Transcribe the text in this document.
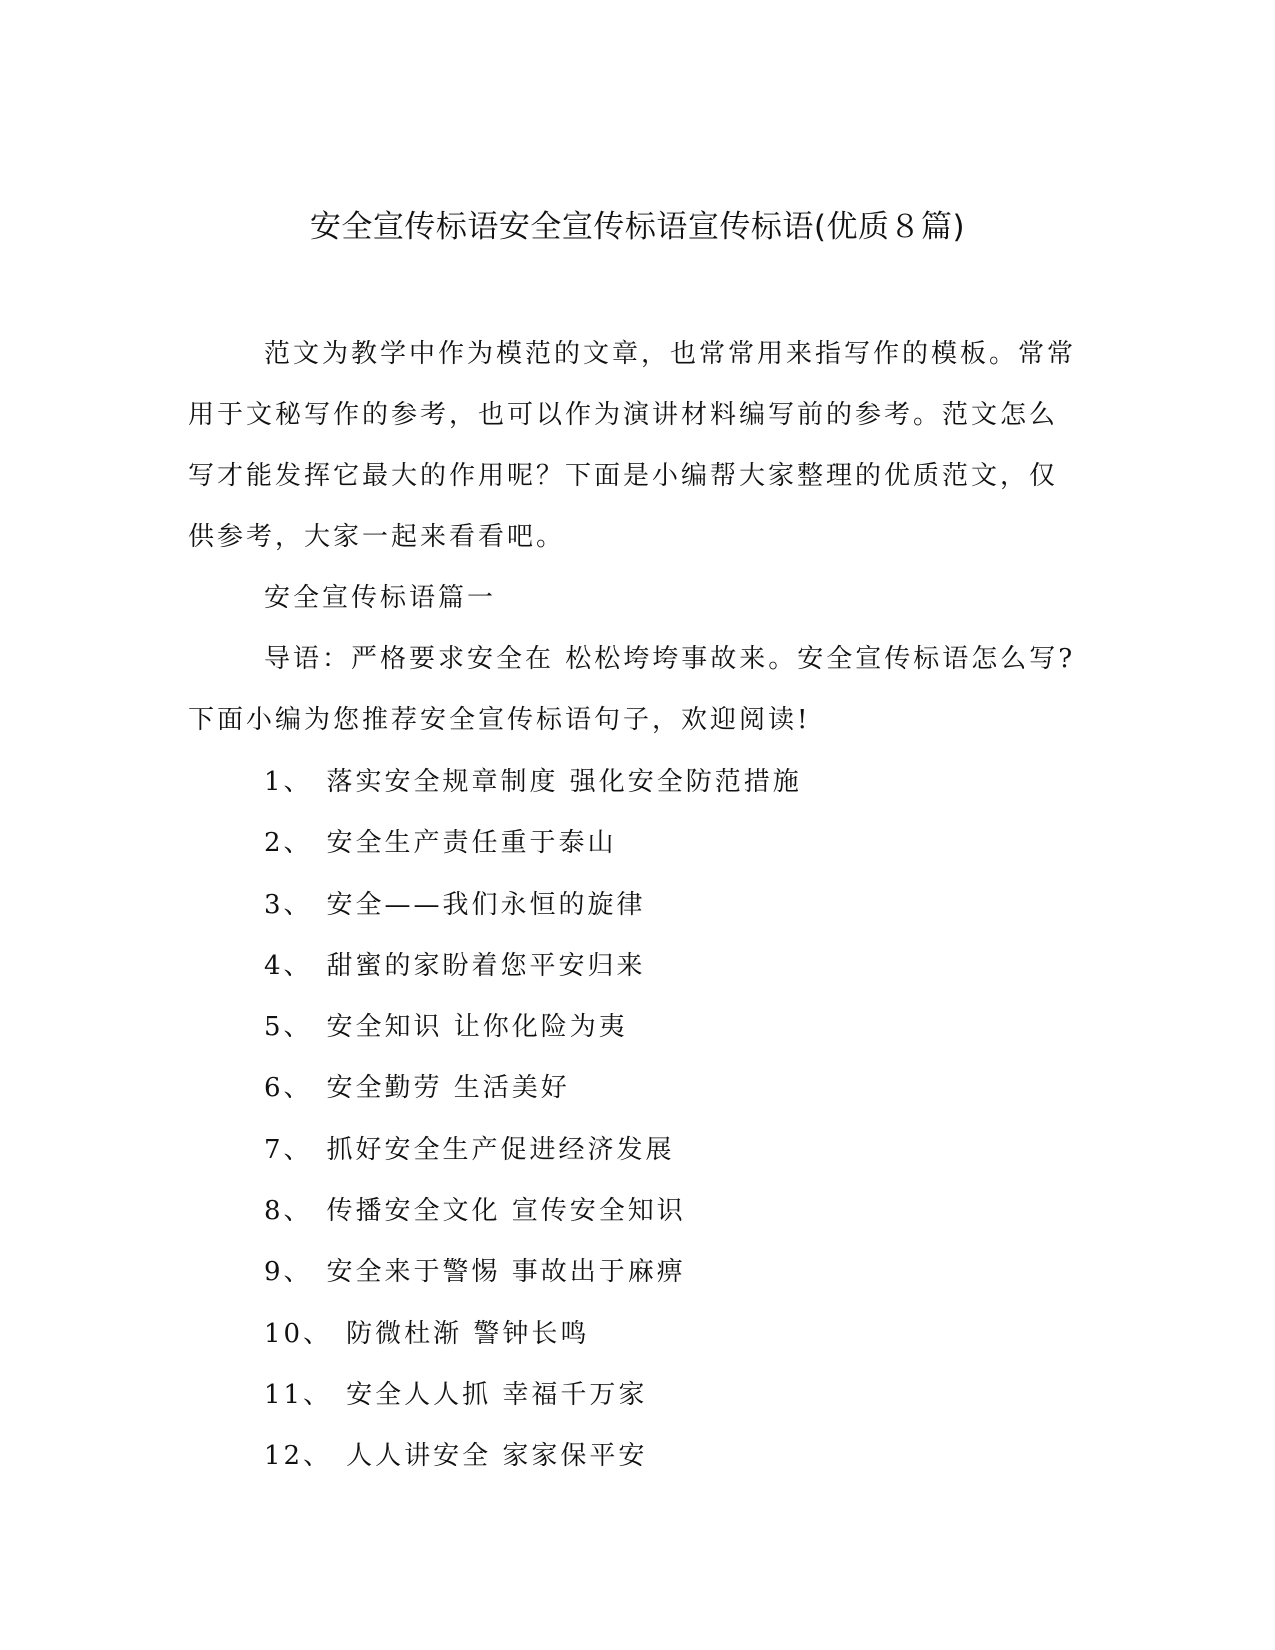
安全宣传标语安全宣传标语宣传标语(优质８篇)

范文为教学中作为模范的文章，也常常用来指写作的模板。常常用于文秘写作的参考，也可以作为演讲材料编写前的参考。范文怎么写才能发挥它最大的作用呢？下面是小编帮大家整理的优质范文，仅供参考，大家一起来看看吧。

安全宣传标语篇一

导语：严格要求安全在 松松垮垮事故来。安全宣传标语怎么写?下面小编为您推荐安全宣传标语句子，欢迎阅读!

1、 落实安全规章制度 强化安全防范措施
2、 安全生产责任重于泰山
3、 安全——我们永恒的旋律
4、 甜蜜的家盼着您平安归来
5、 安全知识 让你化险为夷
6、 安全勤劳 生活美好
7、 抓好安全生产促进经济发展
8、 传播安全文化 宣传安全知识
9、 安全来于警惕 事故出于麻痹
10、 防微杜渐 警钟长鸣
11、 安全人人抓 幸福千万家
12、 人人讲安全 家家保平安
